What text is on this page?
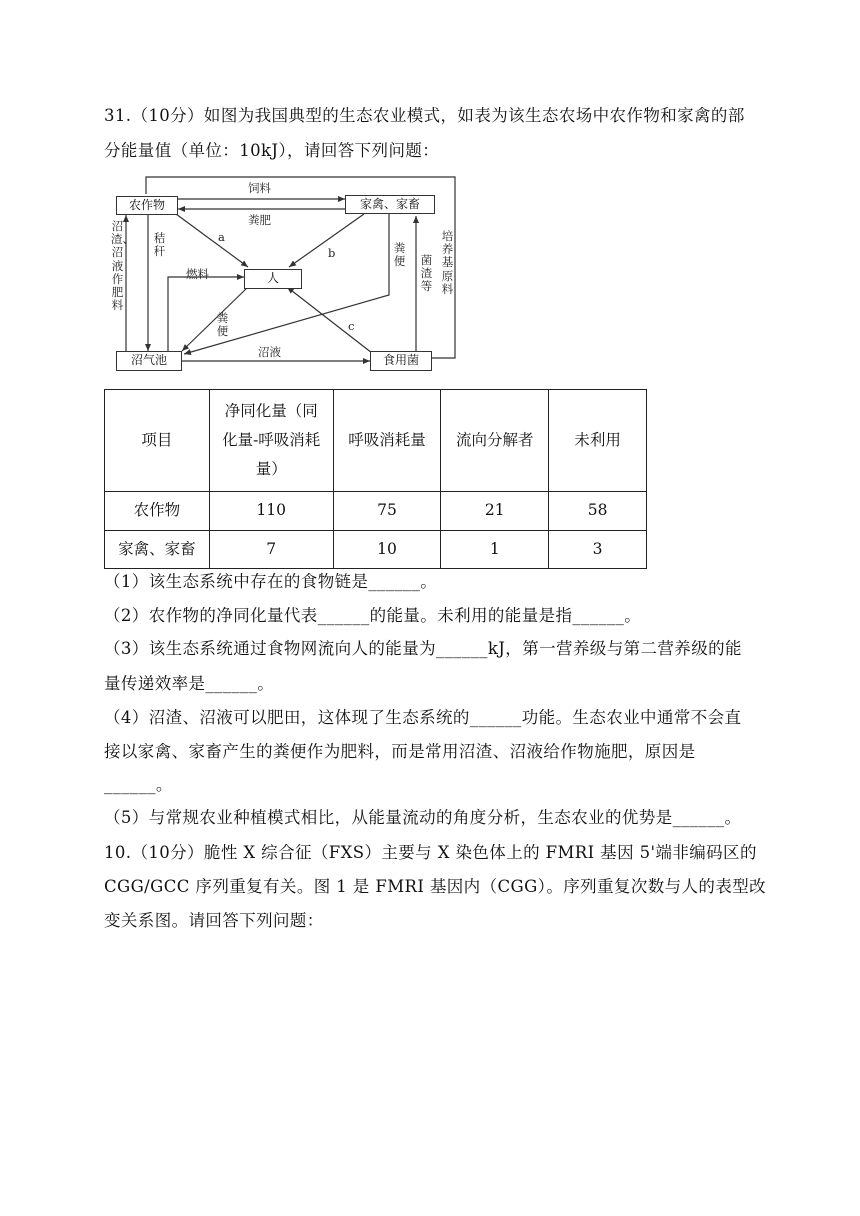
31.（10分）如图为我国典型的生态农业模式，如表为该生态农场中农作物和家禽的部
分能量值（单位：10kJ），请回答下列问题：
农作物	家禽、家畜
人
沼气池	食用菌
饲料
粪肥
a
b
c
燃料
沼液
沼渣、沼液作肥料
秸秆
粪便
粪便 菌渣等
培养基原料
项目	净同化量（同
化量-呼吸消耗
量）	呼吸消耗量	流向分解者	未利用
农作物	110	75	21	58
家禽、家畜	7	10	1	3
（1）该生态系统中存在的食物链是______。
（2）农作物的净同化量代表______的能量。未利用的能量是指______。
（3）该生态系统通过食物网流向人的能量为______kJ，第一营养级与第二营养级的能
量传递效率是______。
（4）沼渣、沼液可以肥田，这体现了生态系统的______功能。生态农业中通常不会直
接以家禽、家畜产生的粪便作为肥料，而是常用沼渣、沼液给作物施肥，原因是
______。
（5）与常规农业种植模式相比，从能量流动的角度分析，生态农业的优势是______。
10.（10分）脆性 X 综合征（FXS）主要与 X 染色体上的 FMRI 基因 5'端非编码区的
CGG/GCC 序列重复有关。图 1 是 FMRI 基因内（CGG）。序列重复次数与人的表型改
变关系图。请回答下列问题：
